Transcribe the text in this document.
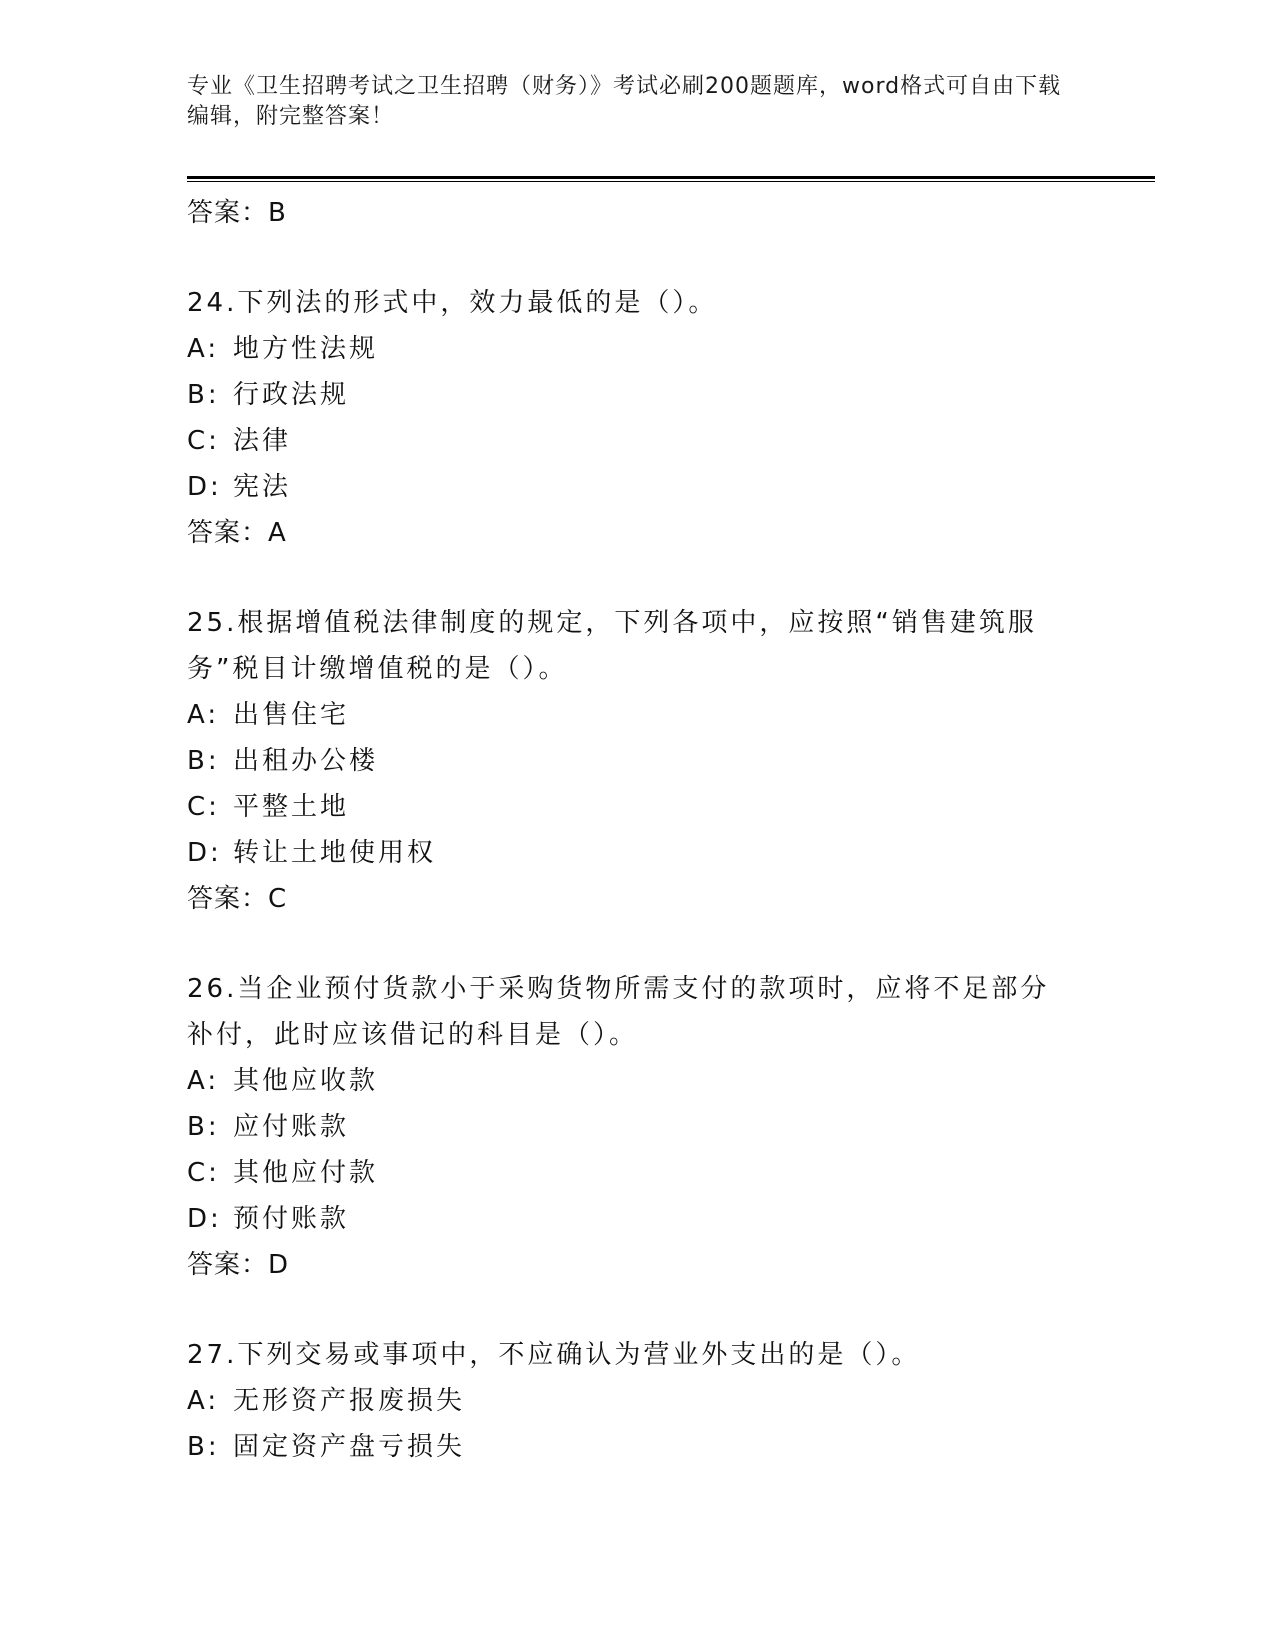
专业《卫生招聘考试之卫生招聘（财务）》考试必刷200题题库，word格式可自由下载编辑，附完整答案！

答案：B

24.下列法的形式中，效力最低的是（）。

A: 地方性法规

B: 行政法规

C: 法律

D: 宪法

答案：A

25.根据增值税法律制度的规定，下列各项中，应按照“销售建筑服务”税目计缴增值税的是（）。

A: 出售住宅

B: 出租办公楼

C: 平整土地

D: 转让土地使用权

答案：C

26.当企业预付货款小于采购货物所需支付的款项时，应将不足部分补付，此时应该借记的科目是（）。

A: 其他应收款

B: 应付账款

C: 其他应付款

D: 预付账款

答案：D

27.下列交易或事项中，不应确认为营业外支出的是（）。

A: 无形资产报废损失

B: 固定资产盘亏损失
